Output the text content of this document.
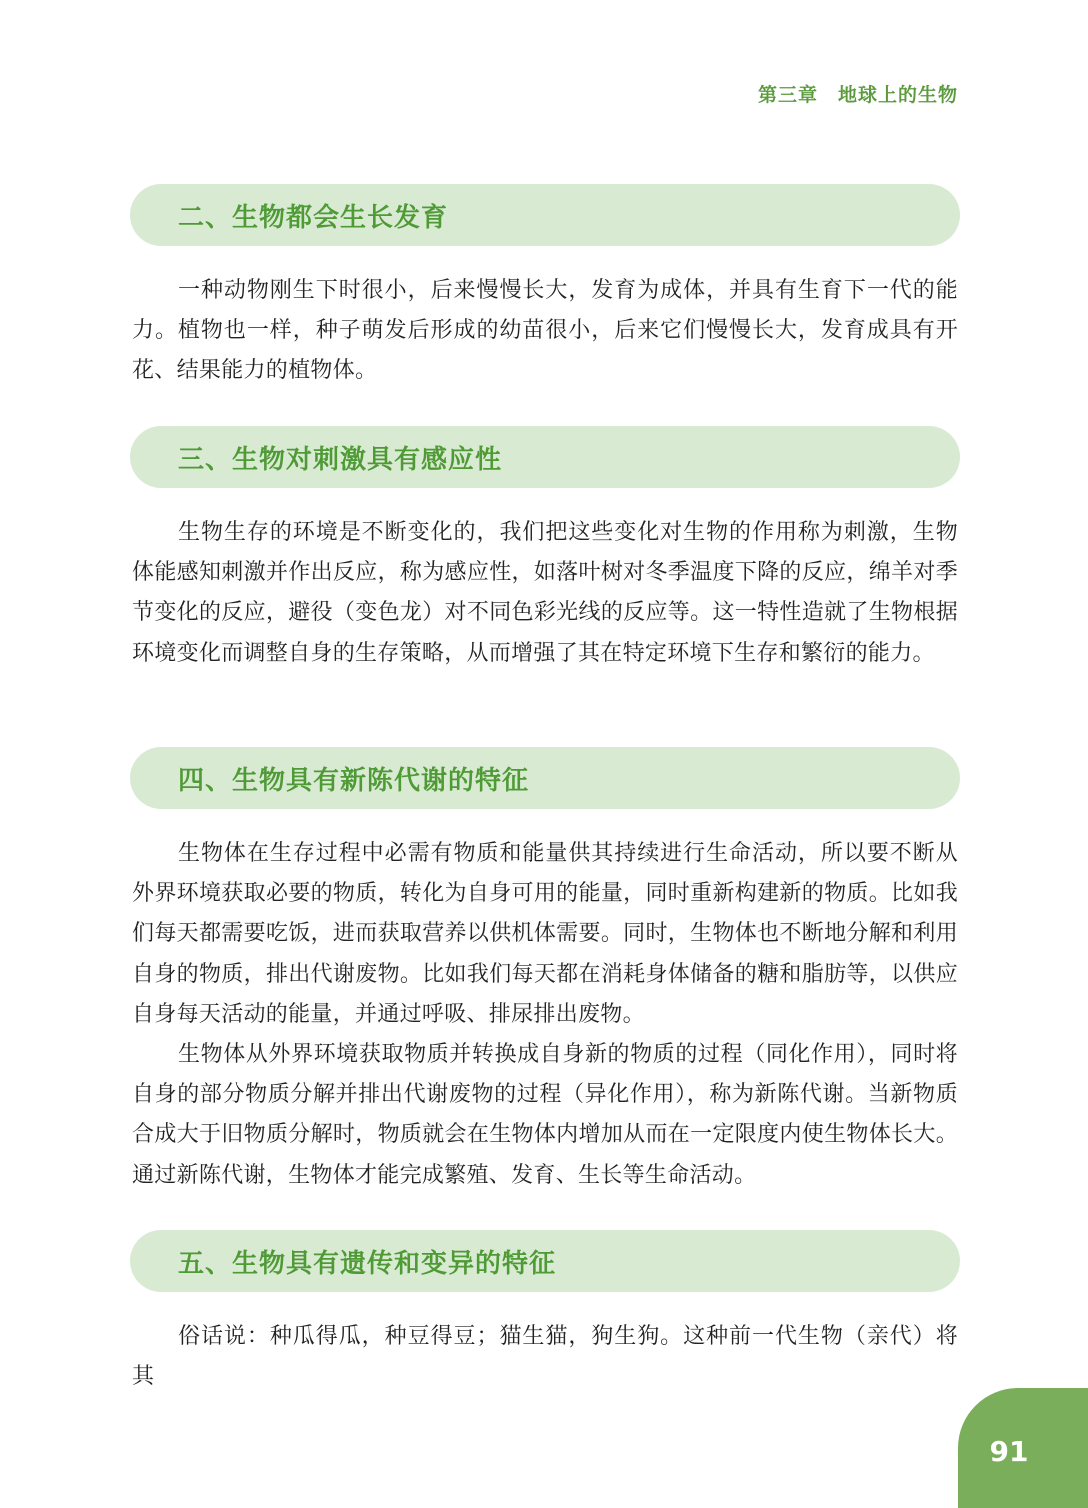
第三章 地球上的生物
二、生物都会生长发育

一种动物刚生下时很小，后来慢慢长大，发育为成体，并具有生育下一代的能力。植物也一样，种子萌发后形成的幼苗很小，后来它们慢慢长大，发育成具有开花、结果能力的植物体。

三、生物对刺激具有感应性

生物生存的环境是不断变化的，我们把这些变化对生物的作用称为刺激，生物体能感知刺激并作出反应，称为感应性，如落叶树对冬季温度下降的反应，绵羊对季节变化的反应，避役（变色龙）对不同色彩光线的反应等。这一特性造就了生物根据环境变化而调整自身的生存策略，从而增强了其在特定环境下生存和繁衍的能力。

四、生物具有新陈代谢的特征

生物体在生存过程中必需有物质和能量供其持续进行生命活动，所以要不断从外界环境获取必要的物质，转化为自身可用的能量，同时重新构建新的物质。比如我们每天都需要吃饭，进而获取营养以供机体需要。同时，生物体也不断地分解和利用自身的物质，排出代谢废物。比如我们每天都在消耗身体储备的糖和脂肪等，以供应自身每天活动的能量，并通过呼吸、排尿排出废物。

生物体从外界环境获取物质并转换成自身新的物质的过程（同化作用），同时将自身的部分物质分解并排出代谢废物的过程（异化作用），称为新陈代谢。当新物质合成大于旧物质分解时，物质就会在生物体内增加从而在一定限度内使生物体长大。通过新陈代谢，生物体才能完成繁殖、发育、生长等生命活动。

五、生物具有遗传和变异的特征

俗话说：种瓜得瓜，种豆得豆；猫生猫，狗生狗。这种前一代生物（亲代）将其

91
